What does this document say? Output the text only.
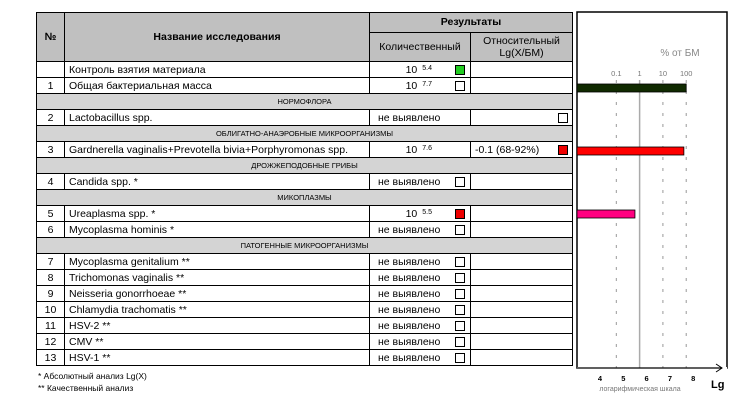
№	Название исследования	Результаты	
		Количественный	Относительный Lg(X/БМ)
	Контроль взятия материала	10 $^{5.4}$

1	Общая бактериальная масса	10 $^{7.7}$

НОРМОФЛОРА			
2	Lactobacillus spp.	не выявлено	

ОБЛИГАТНО-АНАЭРОБНЫЕ МИКРООРГАНИЗМЫ			
3	Gardnerella vaginalis+Prevotella bivia+Porphyromonas spp.	10 $^{7.6}$	-0.1 (68-92%)

ДРОЖЖЕПОДОБНЫЕ ГРИБЫ			
4	Candida spp. *	не выявлено

МИКОПЛАЗМЫ			
5	Ureaplasma spp. *	10 $^{5.5}$

6	Mycoplasma hominis *	не выявлено

ПАТОГЕННЫЕ МИКРООРГАНИЗМЫ			
7	Mycoplasma genitalium **	не выявлено

8	Trichomonas vaginalis **	не выявлено

9	Neisseria gonorrhoeae **	не выявлено

10	Chlamydia trachomatis **	не выявлено

11	HSV-2 **	не выявлено

12	CMV **	не выявлено

13	HSV-1 **	не выявлено

% от БМ
0.1 1 10 100
4	5	6	7	8
логарифмическая шкала	Lg
* Абсолютный анализ Lg(X)
** Качественный анализ
